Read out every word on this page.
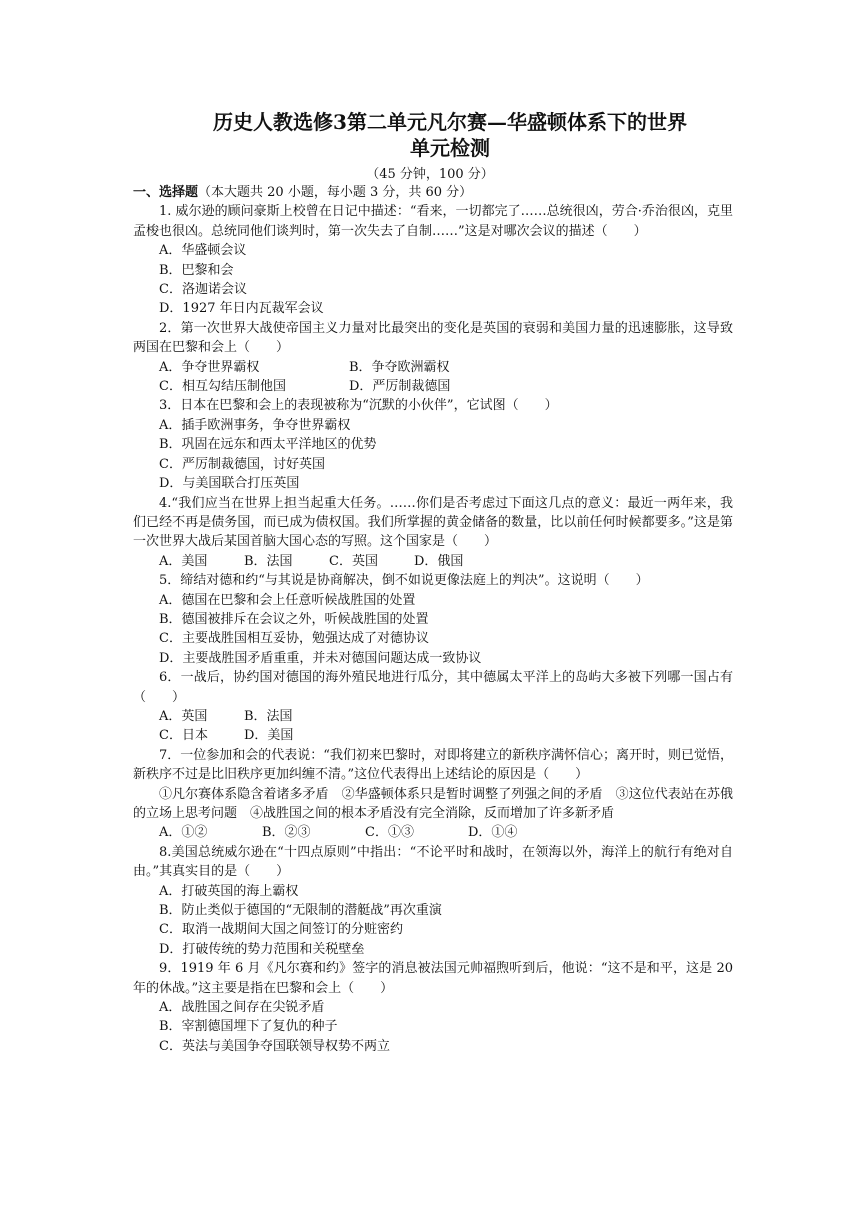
历史人教选修3第二单元凡尔赛—华盛顿体系下的世界
单元检测
（45 分钟，100 分）

一、选择题（本大题共 20 小题，每小题 3 分，共 60 分）

1. 威尔逊的顾问豪斯上校曾在日记中描述：“看来，一切都完了……总统很凶，劳合·乔治很凶，克里孟梭也很凶。总统同他们谈判时，第一次失去了自制……”这是对哪次会议的描述（　　）

A．华盛顿会议

B．巴黎和会

C．洛迦诺会议

D．1927 年日内瓦裁军会议

2．第一次世界大战使帝国主义力量对比最突出的变化是英国的衰弱和美国力量的迅速膨胀，这导致两国在巴黎和会上（　　）

A．争夺世界霸权	B．争夺欧洲霸权

C．相互勾结压制他国	D．严厉制裁德国

3．日本在巴黎和会上的表现被称为“沉默的小伙伴”，它试图（　　）

A．插手欧洲事务，争夺世界霸权

B．巩固在远东和西太平洋地区的优势

C．严厉制裁德国，讨好英国

D．与美国联合打压英国

4.“我们应当在世界上担当起重大任务。……你们是否考虑过下面这几点的意义：最近一两年来，我们已经不再是债务国，而已成为债权国。我们所掌握的黄金储备的数量，比以前任何时候都要多。”这是第一次世界大战后某国首脑大国心态的写照。这个国家是（　　）

A．美国	B．法国	C．英国	D．俄国

5．缔结对德和约“与其说是协商解决，倒不如说更像法庭上的判决”。这说明（　　）

A．德国在巴黎和会上任意听候战胜国的处置

B．德国被排斥在会议之外，听候战胜国的处置

C．主要战胜国相互妥协，勉强达成了对德协议

D．主要战胜国矛盾重重，并未对德国问题达成一致协议

6．一战后，协约国对德国的海外殖民地进行瓜分，其中德属太平洋上的岛屿大多被下列哪一国占有（　　）

A．英国	B．法国

C．日本	D．美国

7．一位参加和会的代表说：“我们初来巴黎时，对即将建立的新秩序满怀信心；离开时，则已觉悟，新秩序不过是比旧秩序更加纠缠不清。”这位代表得出上述结论的原因是（　　）

①凡尔赛体系隐含着诸多矛盾　②华盛顿体系只是暂时调整了列强之间的矛盾　③这位代表站在苏俄的立场上思考问题　④战胜国之间的根本矛盾没有完全消除，反而增加了许多新矛盾

A．①②	B．②③	C．①③	D．①④

8.美国总统威尔逊在“十四点原则”中指出：“不论平时和战时，在领海以外，海洋上的航行有绝对自由。”其真实目的是（　　）

A．打破英国的海上霸权

B．防止类似于德国的“无限制的潜艇战”再次重演

C．取消一战期间大国之间签订的分赃密约

D．打破传统的势力范围和关税壁垒

9．1919 年 6 月《凡尔赛和约》签字的消息被法国元帅福煦听到后，他说：“这不是和平，这是 20 年的休战。”这主要是指在巴黎和会上（　　）

A．战胜国之间存在尖锐矛盾

B．宰割德国埋下了复仇的种子

C．英法与美国争夺国联领导权势不两立
